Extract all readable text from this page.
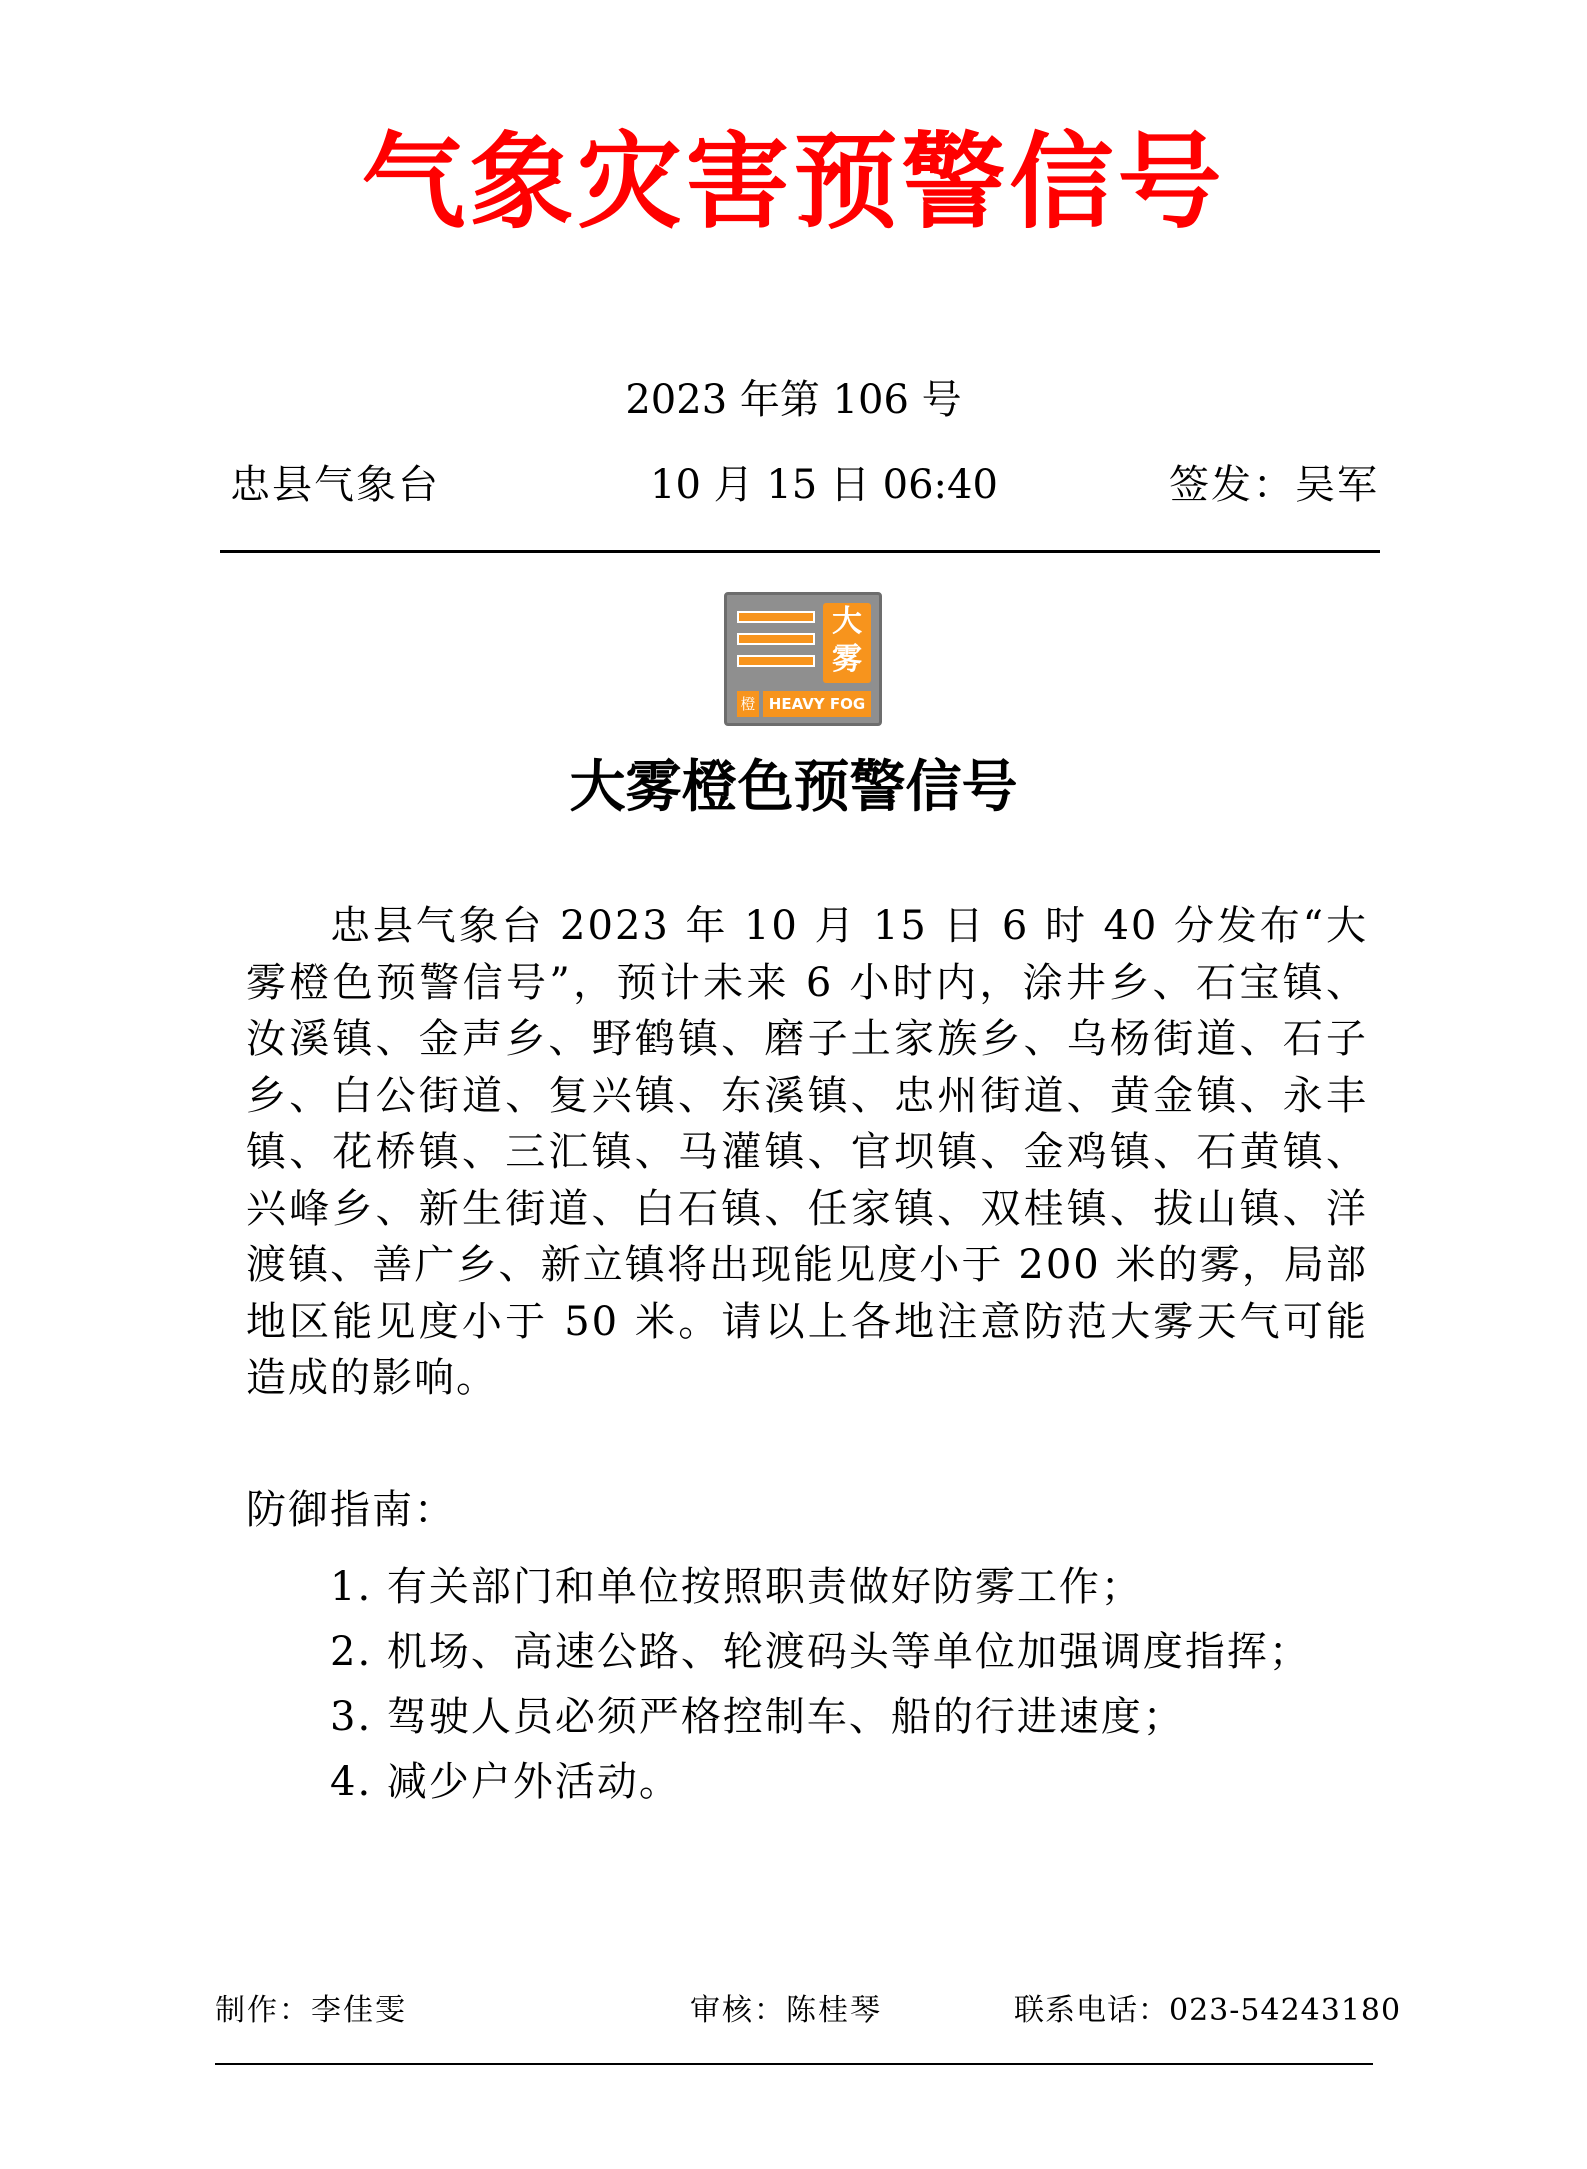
气象灾害预警信号
2023 年第 106 号
忠县气象台	10 月 15 日 06:40	签发：吴军
大
雾
橙 HEAVY FOG
大雾橙色预警信号
忠县气象台 2023 年 10 月 15 日 6 时 40 分发布“大雾橙色预警信号”，预计未来 6 小时内，涂井乡、石宝镇、汝溪镇、金声乡、野鹤镇、磨子土家族乡、乌杨街道、石子乡、白公街道、复兴镇、东溪镇、忠州街道、黄金镇、永丰镇、花桥镇、三汇镇、马灌镇、官坝镇、金鸡镇、石黄镇、兴峰乡、新生街道、白石镇、任家镇、双桂镇、拔山镇、洋渡镇、善广乡、新立镇将出现能见度小于 200 米的雾，局部地区能见度小于 50 米。请以上各地注意防范大雾天气可能造成的影响。
防御指南：
1. 有关部门和单位按照职责做好防雾工作；
2. 机场、高速公路、轮渡码头等单位加强调度指挥；
3. 驾驶人员必须严格控制车、船的行进速度；
4. 减少户外活动。
制作：李佳雯	审核：陈桂琴	联系电话：023-54243180
